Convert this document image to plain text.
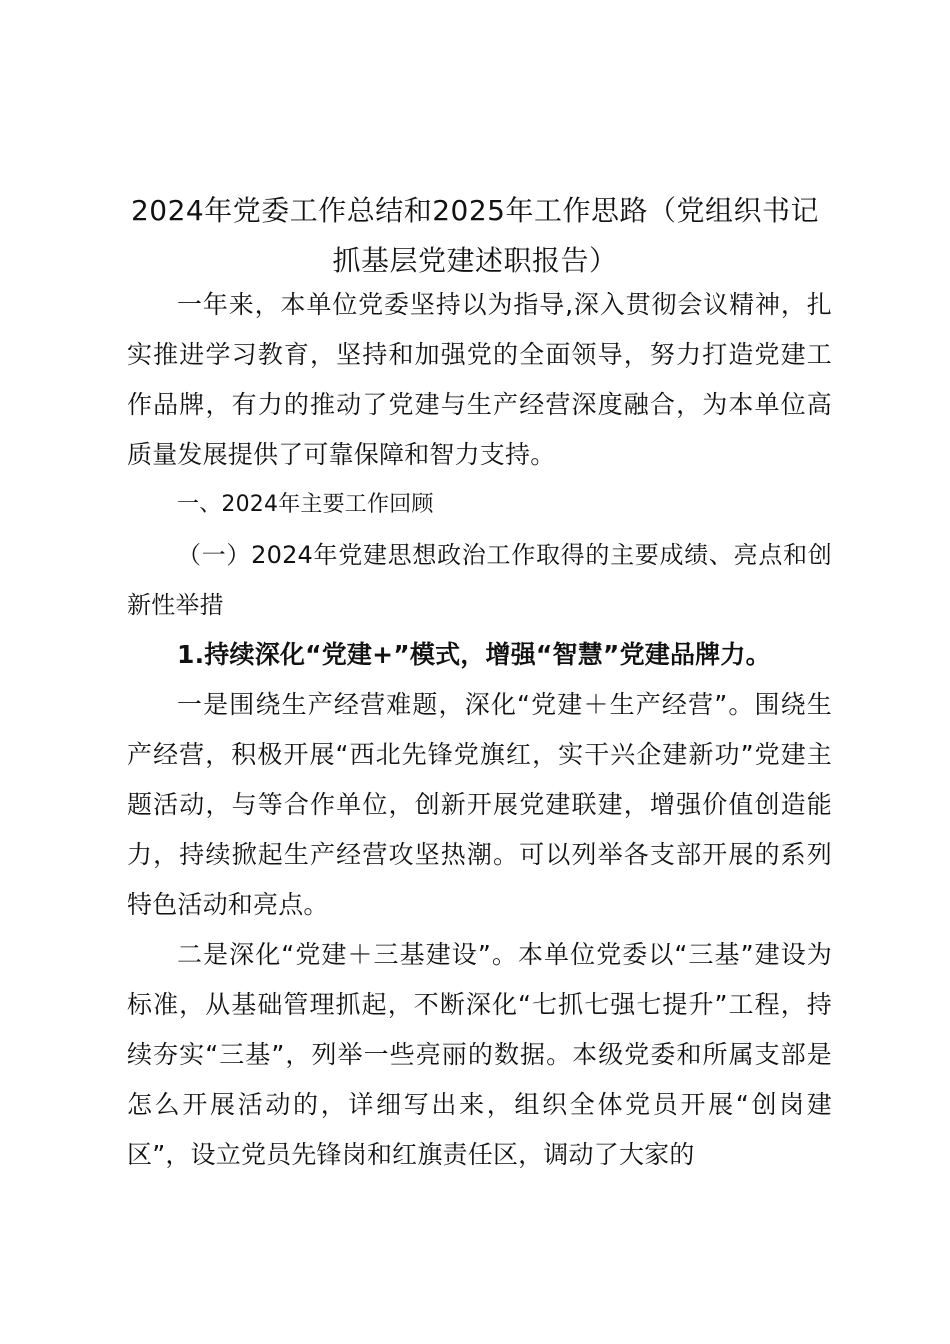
2024年党委工作总结和2025年工作思路（党组织书记抓基层党建述职报告）

一年来，本单位党委坚持以为指导,深入贯彻会议精神，扎实推进学习教育，坚持和加强党的全面领导，努力打造党建工作品牌，有力的推动了党建与生产经营深度融合，为本单位高质量发展提供了可靠保障和智力支持。

一、2024年主要工作回顾

（一）2024年党建思想政治工作取得的主要成绩、亮点和创新性举措

1.持续深化“党建+”模式，增强“智慧”党建品牌力。

一是围绕生产经营难题，深化“党建＋生产经营”。围绕生产经营，积极开展“西北先锋党旗红，实干兴企建新功”党建主题活动，与等合作单位，创新开展党建联建，增强价值创造能力，持续掀起生产经营攻坚热潮。可以列举各支部开展的系列特色活动和亮点。

二是深化“党建＋三基建设”。本单位党委以“三基”建设为标准，从基础管理抓起，不断深化“七抓七强七提升”工程，持续夯实“三基”，列举一些亮丽的数据。本级党委和所属支部是怎么开展活动的，详细写出来，组织全体党员开展“创岗建区”，设立党员先锋岗和红旗责任区，调动了大家的
